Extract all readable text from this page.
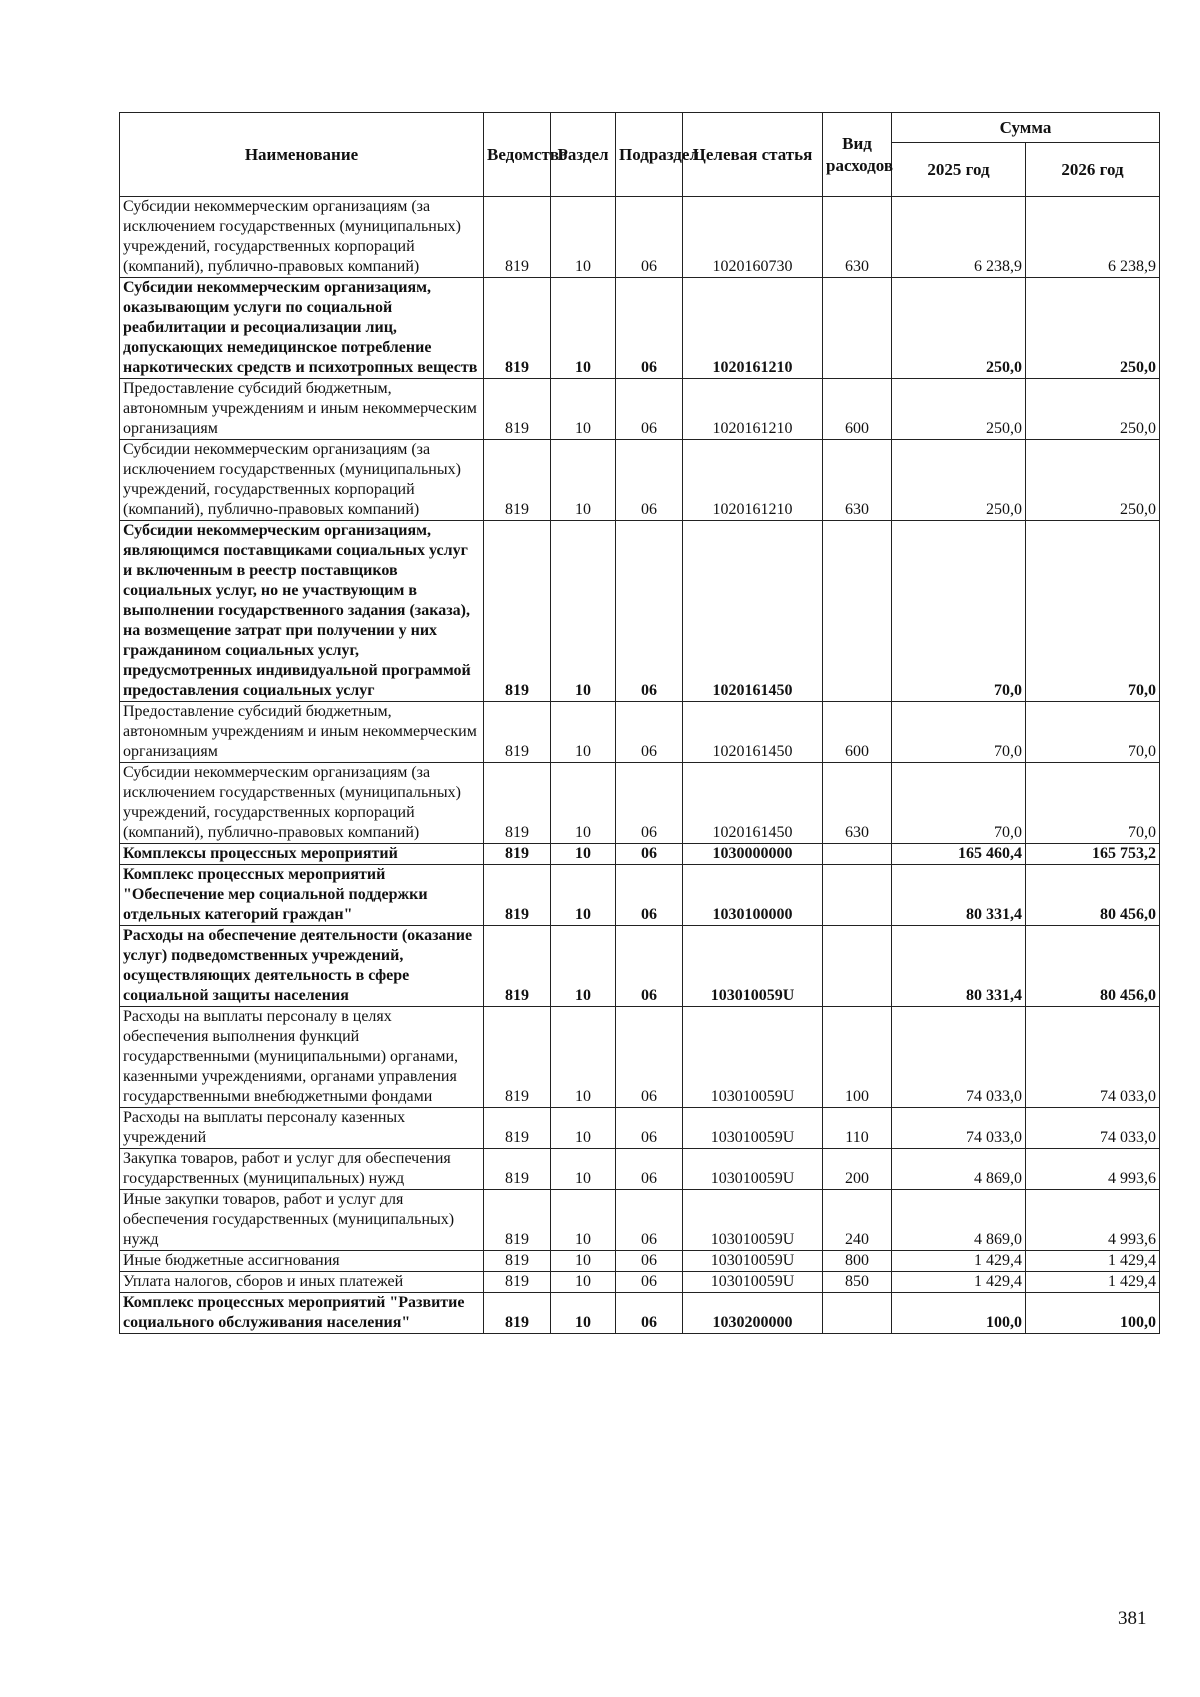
Наименование	Ведомство	Раздел	Подраздел	Целевая статья	Вид расходов	Сумма	
						2025 год	2026 год
Субсидии некоммерческим организациям (за исключением государственных (муниципальных) учреждений, государственных корпораций (компаний), публично-правовых компаний)	819	10	06	1020160730	630	6 238,9	6 238,9
Субсидии некоммерческим организациям, оказывающим услуги по социальной реабилитации и ресоциализации лиц, допускающих немедицинское потребление наркотических средств и психотропных веществ	819	10	06	1020161210		250,0	250,0
Предоставление субсидий бюджетным, автономным учреждениям и иным некоммерческим организациям	819	10	06	1020161210	600	250,0	250,0
Субсидии некоммерческим организациям (за исключением государственных (муниципальных) учреждений, государственных корпораций (компаний), публично-правовых компаний)	819	10	06	1020161210	630	250,0	250,0
Субсидии некоммерческим организациям, являющимся поставщиками социальных услуг и включенным в реестр поставщиков социальных услуг, но не участвующим в выполнении государственного задания (заказа), на возмещение затрат при получении у них гражданином социальных услуг, предусмотренных индивидуальной программой предоставления социальных услуг	819	10	06	1020161450		70,0	70,0
Предоставление субсидий бюджетным, автономным учреждениям и иным некоммерческим организациям	819	10	06	1020161450	600	70,0	70,0
Субсидии некоммерческим организациям (за исключением государственных (муниципальных) учреждений, государственных корпораций (компаний), публично-правовых компаний)	819	10	06	1020161450	630	70,0	70,0
Комплексы процессных мероприятий	819	10	06	1030000000		165 460,4	165 753,2
Комплекс процессных мероприятий "Обеспечение мер социальной поддержки отдельных категорий граждан"	819	10	06	1030100000		80 331,4	80 456,0
Расходы на обеспечение деятельности (оказание услуг) подведомственных учреждений, осуществляющих деятельность в сфере социальной защиты населения	819	10	06	103010059U		80 331,4	80 456,0
Расходы на выплаты персоналу в целях обеспечения выполнения функций государственными (муниципальными) органами, казенными учреждениями, органами управления государственными внебюджетными фондами	819	10	06	103010059U	100	74 033,0	74 033,0
Расходы на выплаты персоналу казенных учреждений	819	10	06	103010059U	110	74 033,0	74 033,0
Закупка товаров, работ и услуг для обеспечения государственных (муниципальных) нужд	819	10	06	103010059U	200	4 869,0	4 993,6
Иные закупки товаров, работ и услуг для обеспечения государственных (муниципальных) нужд	819	10	06	103010059U	240	4 869,0	4 993,6
Иные бюджетные ассигнования	819	10	06	103010059U	800	1 429,4	1 429,4
Уплата налогов, сборов и иных платежей	819	10	06	103010059U	850	1 429,4	1 429,4
Комплекс процессных мероприятий "Развитие социального обслуживания населения"	819	10	06	1030200000		100,0	100,0
381
